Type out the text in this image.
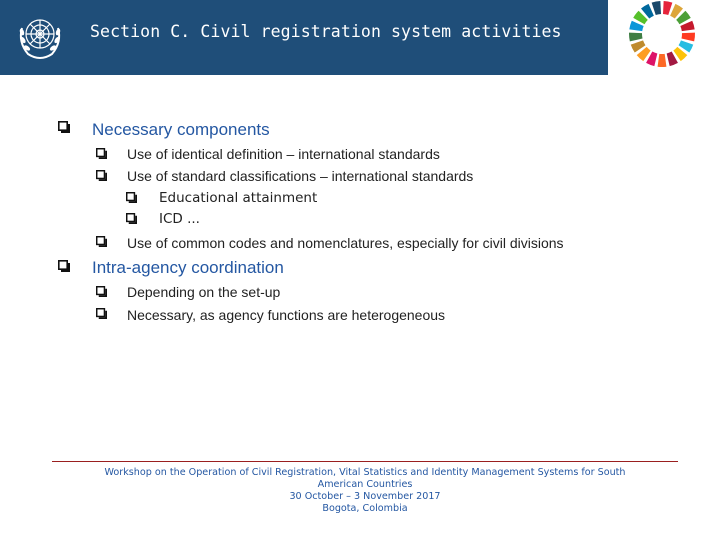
Section C. Civil registration system activities
Necessary components
Use of identical definition – international standards
Use of standard classifications – international standards
Educational attainment
ICD ...
Use of common codes and nomenclatures, especially for civil divisions
Intra-agency coordination
Depending on the set-up
Necessary, as agency functions are heterogeneous
Workshop on the Operation of Civil Registration, Vital Statistics and Identity Management Systems for South
American Countries
30 October – 3 November 2017
Bogota, Colombia
